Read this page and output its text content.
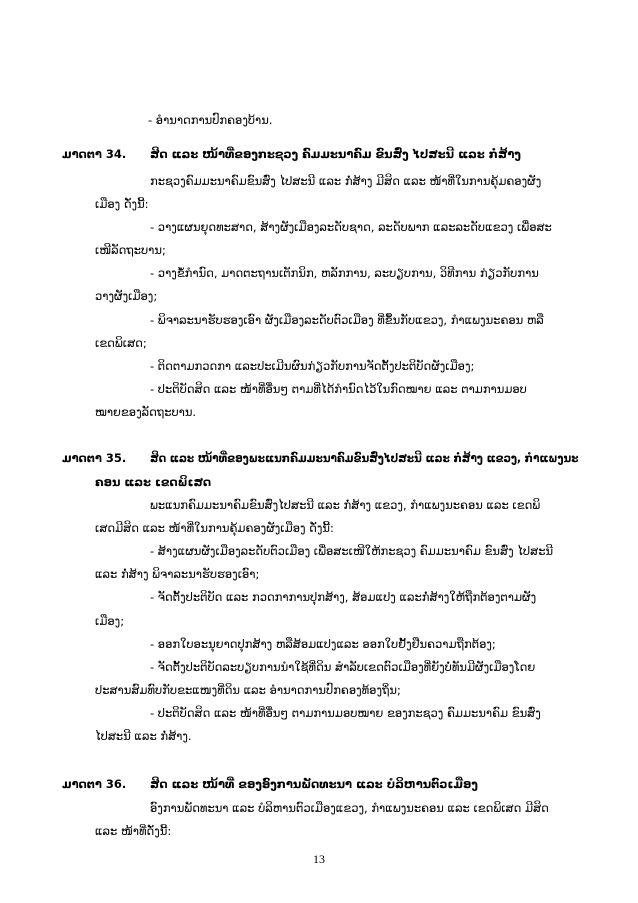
- ອຳນາດການປົກຄອງບ້ານ.
ມາດຕາ 34. ສິດ ແລະ ໜ້າທີ່ຂອງກະຊວງ ຄົມມະນາຄົມ ຂົນສົ່ງ ໄປສະນີ ແລະ ກໍ່ສ້າງ
ກະຊວງຄົມມະນາຄົມຂົນສົ່ງ ໄປສະນີ ແລະ ກໍ່ສ້າງ ມີສິດ ແລະ ໜ້າທີ່ໃນການຄຸ້ມຄອງຜັງ
ເມືອງ ດັ່ງນີ້:
- ວາງແຜນຍຸດທະສາດ, ສ້າງຜັງເມືອງລະດັບຊາດ, ລະດັບພາກ ແລະລະດັບແຂວງ ເພື່ອສະ
ເໜີລັດຖະບານ;
- ວາງຂໍ້ກຳນົດ, ມາດຕະຖານເຕັກນິກ, ຫລັກການ, ລະບຽບການ, ວິທີການ ກ່ຽວກັບການ
ວາງຜັງເມືອງ;
- ພິຈາລະນາຮັບຮອງເອົາ ຜັງເມືອງລະດັບຕົວເມືອງ ທີ່ຂຶ້ນກັບແຂວງ, ກຳແພງນະຄອນ ຫລື
ເຂດພິເສດ;
- ຕິດຕາມກວດກາ ແລະປະເມີນຜົນກ່ຽວກັບການຈັດຕັ້ງປະຕິບັດຜັງເມືອງ;
- ປະຕິບັດສິດ ແລະ ໜ້າທີ່ອື່ນໆ ຕາມທີ່ໄດ້ກຳນົດໄວ້ໃນກົດໝາຍ ແລະ ຕາມການມອບ
ໝາຍຂອງລັດຖະບານ.
ມາດຕາ 35. ສິດ ແລະ ໜ້າທີ່ຂອງພະແນກຄົມມະນາຄົມຂົນສົ່ງໄປສະນີ ແລະ ກໍ່ສ້າງ ແຂວງ, ກຳແພງນະ
ຄອນ ແລະ ເຂດພິເສດ
ພະແນກຄົມມະນາຄົມຂົນສົ່ງໄປສະນີ ແລະ ກໍ່ສ້າງ ແຂວງ, ກຳແພງນະຄອນ ແລະ ເຂດພິ
ເສດມີສິດ ແລະ ໜ້າທີ່ໃນການຄຸ້ມຄອງຜັງເມືອງ ດັ່ງນີ້:
- ສ້າງແຜນຜັງເມືອງລະດັບຕົວເມືອງ ເພື່ອສະເໜີໃຫ້ກະຊວງ ຄົມມະນາຄົມ ຂົນສົ່ງ ໄປສະນີ
ແລະ ກໍ່ສ້າງ ພິຈາລະນາຮັບຮອງເອົາ;
- ຈັດຕັ້ງປະຕິບັດ ແລະ ກວດກາການປຸກສ້າງ, ສ້ອມແປງ ແລະກໍ່ສ້າງໃຫ້ຖືກຕ້ອງຕາມຜັງ
ເມືອງ;
- ອອກໃບອະນຸຍາດປຸກສ້າງ ຫລືສ້ອມແປງແລະ ອອກໃບຢັ້ງຢືນຄວາມຖືກຕ້ອງ;
- ຈັດຕັ້ງປະຕິບັດລະບຽບການນຳໃຊ້ທີ່ດິນ ສຳລັບເຂດຕົວເມືອງທີ່ຍັງບໍ່ທັນມີຜັງເມືອງໂດຍ
ປະສານສົມທົບກັບຂະແໜງທີ່ດິນ ແລະ ອຳນາດການປົກຄອງທ້ອງຖິ່ນ;
- ປະຕິບັດສິດ ແລະ ໜ້າທີ່ອື່ນໆ ຕາມການມອບໝາຍ ຂອງກະຊວງ ຄົມມະນາຄົມ ຂົນສົ່ງ
ໄປສະນີ ແລະ ກໍ່ສ້າງ.
ມາດຕາ 36. ສິດ ແລະ ໜ້າທີ່ ຂອງອົງການພັດທະນາ ແລະ ບໍລິຫານຕົວເມືອງ
ອົງການພັດທະນາ ແລະ ບໍລິຫານຕົວເມືອງແຂວງ, ກຳແພງນະຄອນ ແລະ ເຂດພິເສດ ມີສິດ
ແລະ ໜ້າທີ່ດັ່ງນີ້:
13
